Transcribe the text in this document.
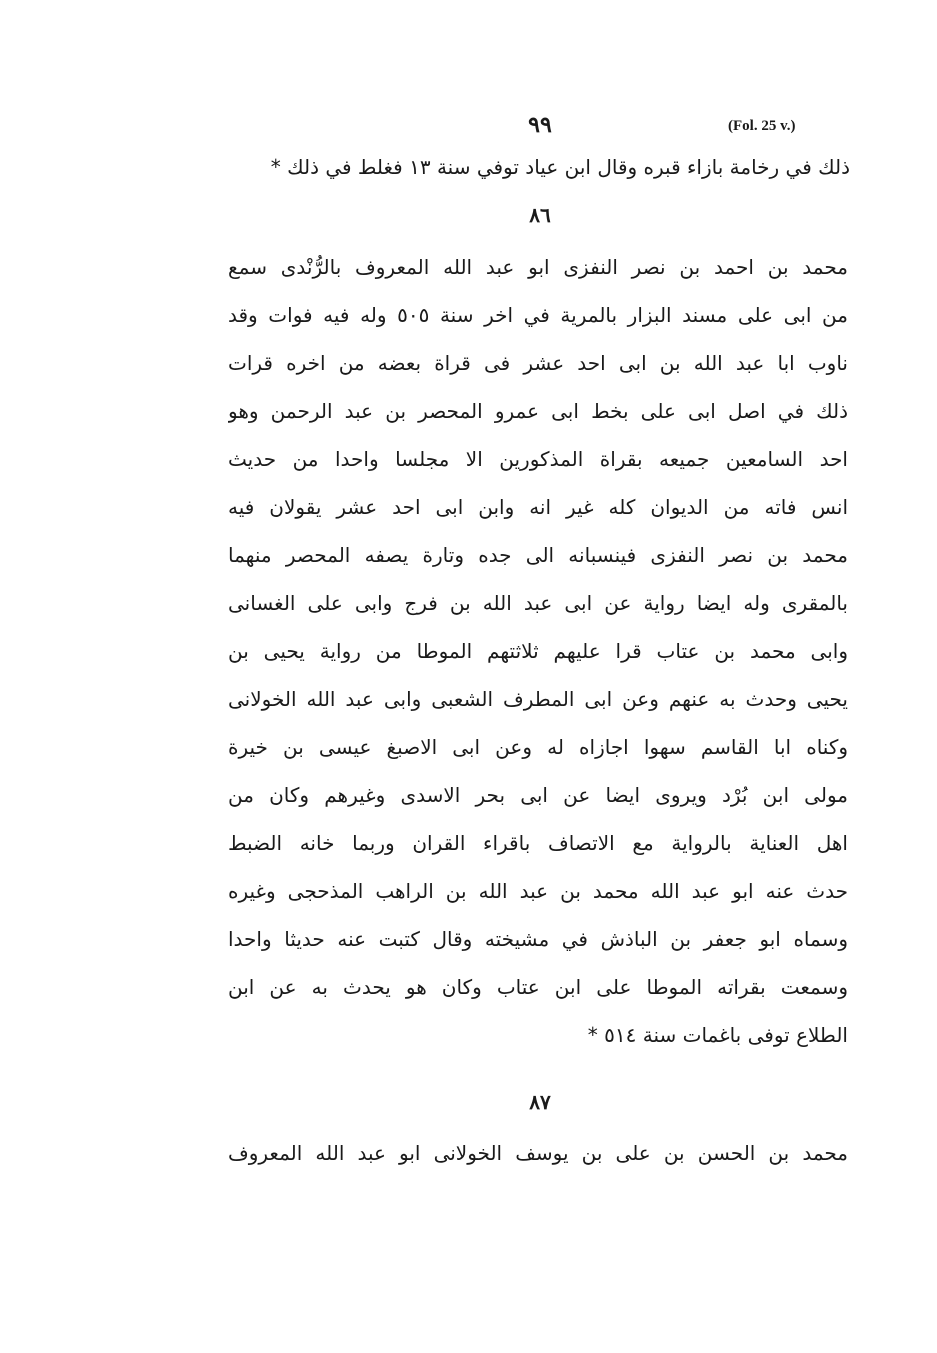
۹۹	(Fol. 25 v.)
ذلك في رخامة بازاء قبره وقال ابن عياد توفي سنة ١٣ فغلط في ذلك *
٨٦
محمد بن احمد بن نصر النفزى ابو عبد الله المعروف بالرُّنْدى سمع
من ابى على مسند البزار بالمرية في اخر سنة ٥٠٥ وله فيه فوات وقد
ناوب ابا عبد الله بن ابى احد عشر فى قراة بعضه من اخره قرات
ذلك في اصل ابى على بخط ابى عمرو المحصر بن عبد الرحمن وهو
احد السامعين جميعه بقراة المذكورين الا مجلسا واحدا من حديث
انس فاته من الديوان كله غير انه وابن ابى احد عشر يقولان فيه
محمد بن نصر النفزى فينسبانه الى جده وتارة يصفه المحصر منهما
بالمقرى وله ايضا رواية عن ابى عبد الله بن فرج وابى على الغسانى
وابى محمد بن عتاب قرا عليهم ثلاثتهم الموطا من رواية يحيى بن
يحيى وحدث به عنهم وعن ابى المطرف الشعبى وابى عبد الله الخولانى
وكناه ابا القاسم سهوا اجازاه له وعن ابى الاصبغ عيسى بن خيرة
مولى ابن بُرْد ويروى ايضا عن ابى بحر الاسدى وغيرهم وكان من
اهل العناية بالرواية مع الاتصاف باقراء القران وربما خانه الضبط
حدث عنه ابو عبد الله محمد بن عبد الله بن الراهب المذحجى وغيره
وسماه ابو جعفر بن الباذش في مشيخته وقال كتبت عنه حديثا واحدا
وسمعت بقراته الموطا على ابن عتاب وكان هو يحدث به عن ابن
الطلاع توفى باغمات سنة ٥١٤ *
٨٧
محمد بن الحسن بن على بن يوسف الخولانى ابو عبد الله المعروف
